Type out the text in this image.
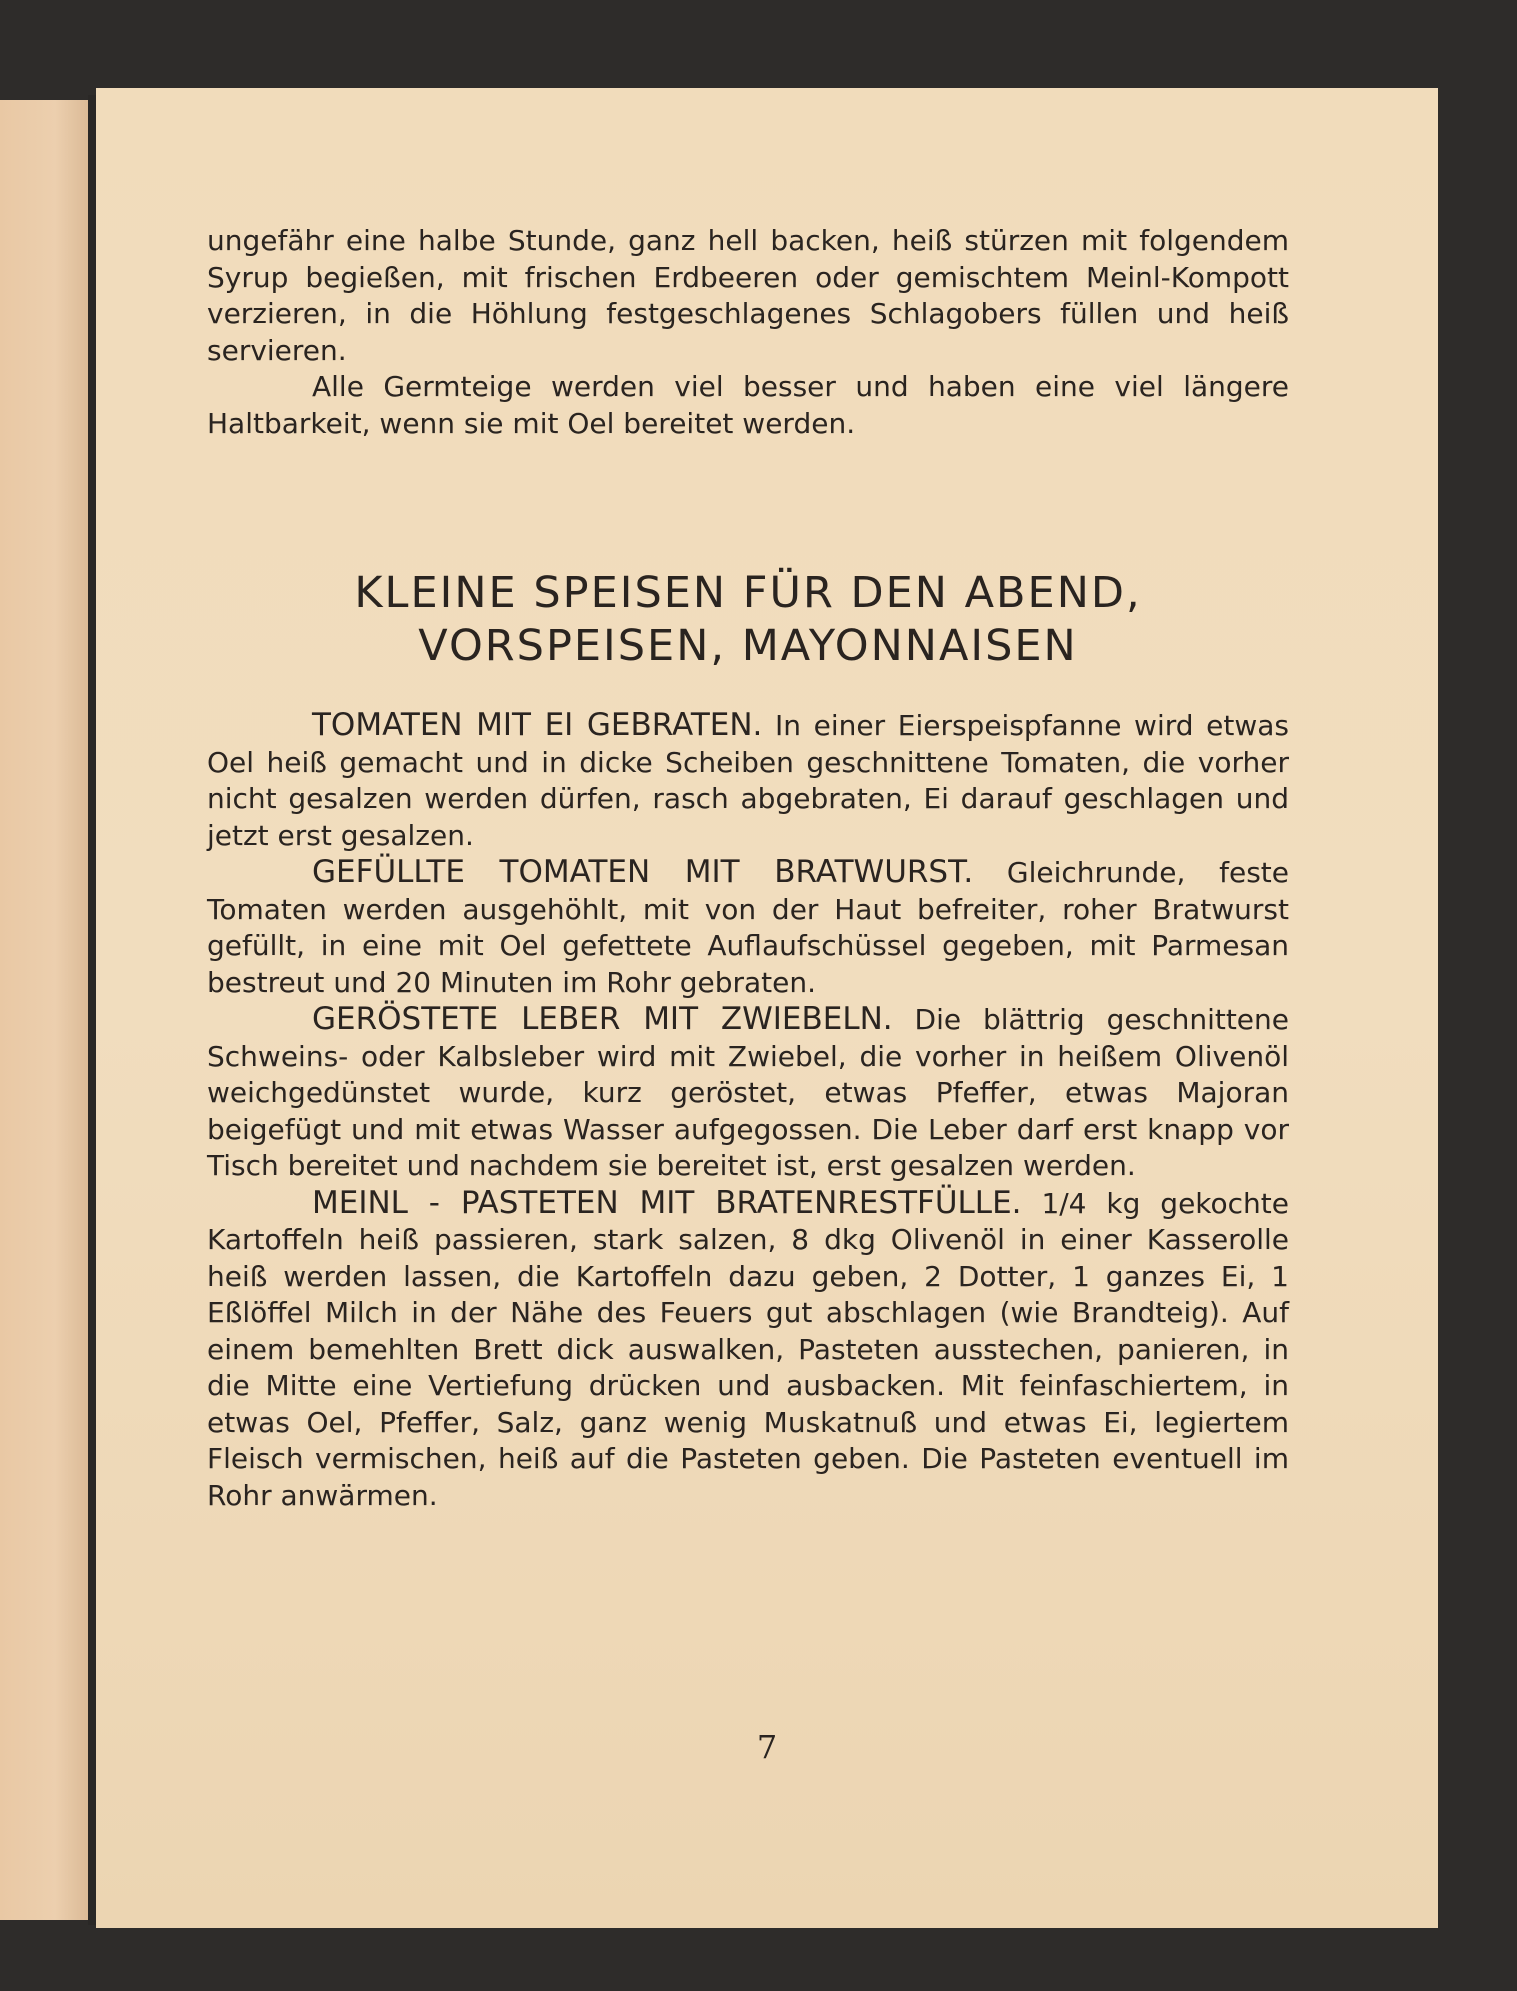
ungefähr eine halbe Stunde, ganz hell backen, heiß stürzen mit folgendem Syrup begießen, mit frischen Erdbeeren oder gemischtem Meinl-Kompott verzieren, in die Höhlung festgeschlagenes Schlagobers füllen und heiß servieren.

Alle Germteige werden viel besser und haben eine viel längere Haltbarkeit, wenn sie mit Oel bereitet werden.

KLEINE SPEISEN FÜR DEN ABEND, VORSPEISEN, MAYONNAISEN

TOMATEN MIT EI GEBRATEN. In einer Eierspeispfanne wird etwas Oel heiß gemacht und in dicke Scheiben geschnittene Tomaten, die vorher nicht gesalzen werden dürfen, rasch abgebraten, Ei darauf geschlagen und jetzt erst gesalzen.

GEFÜLLTE TOMATEN MIT BRATWURST. Gleichrunde, feste Tomaten werden ausgehöhlt, mit von der Haut befreiter, roher Bratwurst gefüllt, in eine mit Oel gefettete Auflaufschüssel gegeben, mit Parmesan bestreut und 20 Minuten im Rohr gebraten.

GERÖSTETE LEBER MIT ZWIEBELN. Die blättrig geschnittene Schweins- oder Kalbsleber wird mit Zwiebel, die vorher in heißem Olivenöl weichgedünstet wurde, kurz geröstet, etwas Pfeffer, etwas Majoran beigefügt und mit etwas Wasser aufgegossen. Die Leber darf erst knapp vor Tisch bereitet und nachdem sie bereitet ist, erst gesalzen werden.

MEINL - PASTETEN MIT BRATENRESTFÜLLE. 1/4 kg gekochte Kartoffeln heiß passieren, stark salzen, 8 dkg Olivenöl in einer Kasserolle heiß werden lassen, die Kartoffeln dazu geben, 2 Dotter, 1 ganzes Ei, 1 Eßlöffel Milch in der Nähe des Feuers gut abschlagen (wie Brandteig). Auf einem bemehlten Brett dick auswalken, Pasteten ausstechen, panieren, in die Mitte eine Vertiefung drücken und ausbacken. Mit feinfaschiertem, in etwas Oel, Pfeffer, Salz, ganz wenig Muskatnuß und etwas Ei, legiertem Fleisch vermischen, heiß auf die Pasteten geben. Die Pasteten eventuell im Rohr anwärmen.

7
